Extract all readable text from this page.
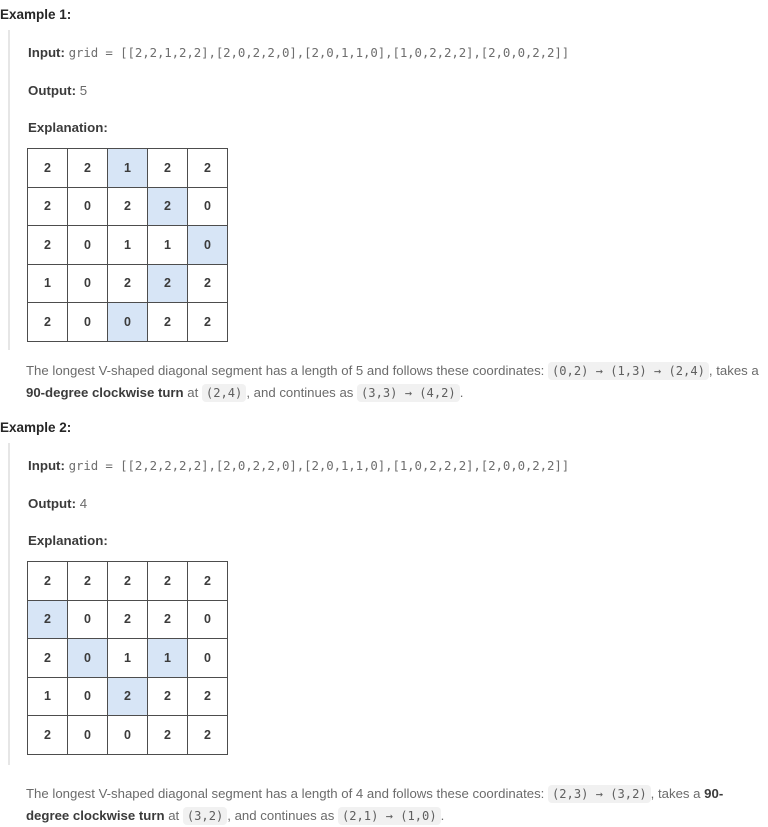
Example 1:
Input: grid = [[2,2,1,2,2],[2,0,2,2,0],[2,0,1,1,0],[1,0,2,2,2],[2,0,0,2,2]]
Output: 5
Explanation:
2	2	1	2	2
2	0	2	2	0
2	0	1	1	0
1	0	2	2	2
2	0	0	2	2
The longest V-shaped diagonal segment has a length of 5 and follows these coordinates: (0,2) → (1,3) → (2,4) , takes a
90-degree clockwise turn at (2,4) , and continues as (3,3) → (4,2) .
Example 2:
Input: grid = [[2,2,2,2,2],[2,0,2,2,0],[2,0,1,1,0],[1,0,2,2,2],[2,0,0,2,2]]
Output: 4
Explanation:
2	2	2	2	2
2	0	2	2	0
2	0	1	1	0
1	0	2	2	2
2	0	0	2	2
The longest V-shaped diagonal segment has a length of 4 and follows these coordinates: (2,3) → (3,2) , takes a 90-
degree clockwise turn at (3,2) , and continues as (2,1) → (1,0) .
